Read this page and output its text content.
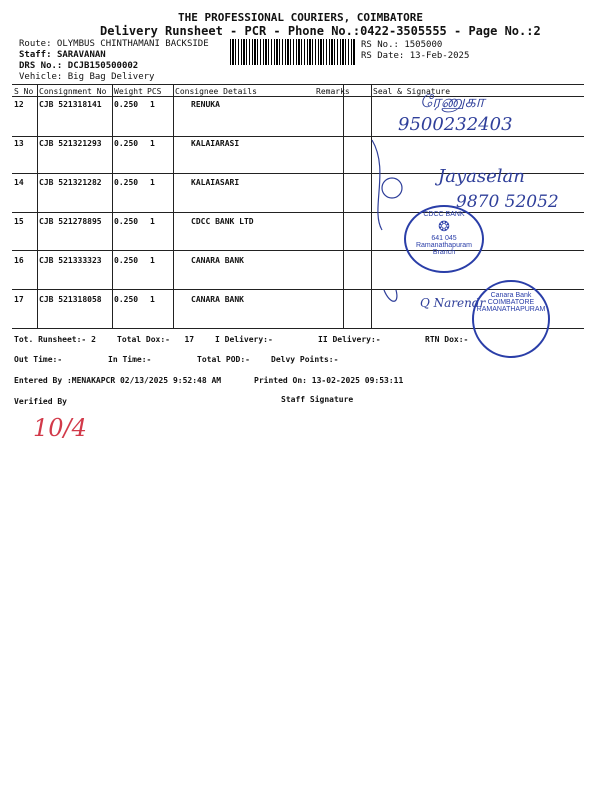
THE PROFESSIONAL COURIERS, COIMBATORE
Delivery Runsheet - PCR - Phone No.:0422-3505555 - Page No.:2
Route: OLYMBUS CHINTHAMANI BACKSIDE
Staff: SARAVANAN
DRS No.: DCJB150500002
Vehicle: Big Bag Delivery
RS No.: 1505000
RS Date: 13-Feb-2025
S No Consignment No Weight PCS Consignee Details	Remarks	Seal & Signature
12 CJB 521318141 0.250 1	RENUKA
13 CJB 521321293 0.250 1	KALAIARASI
14 CJB 521321282 0.250 1	KALAIASARI
15 CJB 521278895 0.250 1	CDCC BANK LTD
16 CJB 521333323 0.250 1	CANARA BANK
17 CJB 521318058 0.250 1	CANARA BANK
ரேணுகா
9500232403
Jayaselan
9870 52052
Q Narendr
10/4
CDCC BANK
❂
641 045
Ramanathapuram Branch
Canara Bank
COIMBATORE
RAMANATHAPURAM
Tot. Runsheet:- 2	Total Dox:- 17	I Delivery:-	II Delivery:-	RTN Dox:-
Out Time:-	In Time:-	Total POD:-	Delvy Points:-
Entered By :MENAKAPCR 02/13/2025 9:52:48 AM	Printed On: 13-02-2025 09:53:11
Verified By	Staff Signature
